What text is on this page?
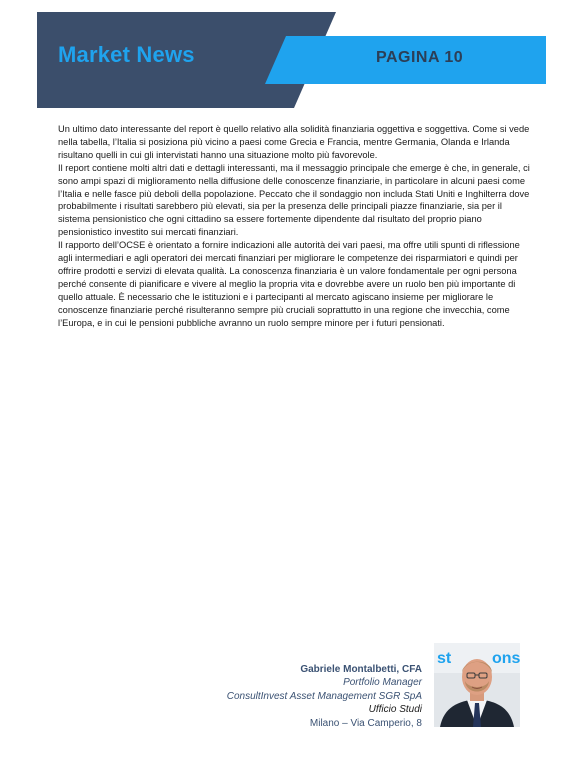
Market News	PAGINA 10

Un ultimo dato interessante del report è quello relativo alla solidità finanziaria oggettiva e soggettiva. Come si vede nella tabella, l’Italia si posiziona più vicino a paesi come Grecia e Francia, mentre Germania, Olanda e Irlanda risultano quelli in cui gli intervistati hanno una situazione molto più favorevole.

Il report contiene molti altri dati e dettagli interessanti, ma il messaggio principale che emerge è che, in generale, ci sono ampi spazi di miglioramento nella diffusione delle conoscenze finanziarie, in particolare in alcuni paesi come l’Italia e nelle fasce più deboli della popolazione. Peccato che il sondaggio non includa Stati Uniti e Inghilterra dove probabilmente i risultati sarebbero più elevati, sia per la presenza delle principali piazze finanziarie, sia per il sistema pensionistico che ogni cittadino sa essere fortemente dipendente dal risultato del proprio piano pensionistico investito sui mercati finanziari.

Il rapporto dell’OCSE è orientato a fornire indicazioni alle autorità dei vari paesi, ma offre utili spunti di riflessione agli intermediari e agli operatori dei mercati finanziari per migliorare le competenze dei risparmiatori e quindi per offrire prodotti e servizi di elevata qualità. La conoscenza finanziaria è un valore fondamentale per ogni persona perché consente di pianificare e vivere al meglio la propria vita e dovrebbe avere un ruolo ben più importante di quello attuale. È necessario che le istituzioni e i partecipanti al mercato agiscano insieme per migliorare le conoscenze finanziarie perché risulteranno sempre più cruciali soprattutto in una regione che invecchia, come l’Europa, e in cui le pensioni pubbliche avranno un ruolo sempre minore per i futuri pensionati.

Gabriele Montalbetti, CFA
Portfolio Manager
ConsultInvest Asset Management SGR SpA
Ufficio Studi
Milano – Via Camperio, 8
st	ons
